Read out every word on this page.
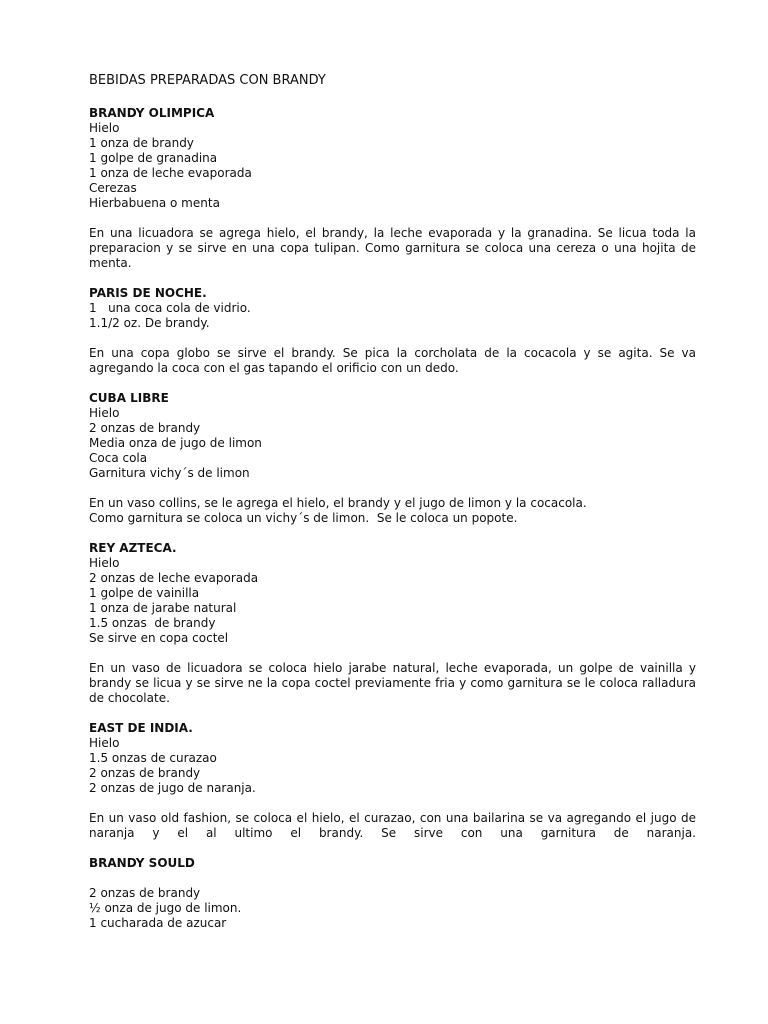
BEBIDAS PREPARADAS CON BRANDY
BRANDY OLIMPICA
Hielo
1 onza de brandy
1 golpe de granadina
1 onza de leche evaporada
Cerezas
Hierbabuena o menta
En una licuadora se agrega hielo, el brandy, la leche evaporada y la granadina. Se licua toda la preparacion y se sirve en una copa tulipan. Como garnitura se coloca una cereza o una hojita de menta.
PARIS DE NOCHE.
1   una coca cola de vidrio.
1.1/2 oz. De brandy.
En una copa globo se sirve el brandy. Se pica la corcholata de la cocacola y se agita. Se va agregando la coca con el gas tapando el orificio con un dedo.
CUBA LIBRE
Hielo
2 onzas de brandy
Media onza de jugo de limon
Coca cola
Garnitura vichy´s de limon
En un vaso collins, se le agrega el hielo, el brandy y el jugo de limon y la cocacola.
Como garnitura se coloca un vichy´s de limon.  Se le coloca un popote.
REY AZTECA.
Hielo
2 onzas de leche evaporada
1 golpe de vainilla
1 onza de jarabe natural
1.5 onzas  de brandy
Se sirve en copa coctel
En un vaso de licuadora se coloca hielo jarabe natural, leche evaporada, un golpe de vainilla y brandy se licua y se sirve ne la copa coctel previamente fria y como garnitura se le coloca ralladura de chocolate.
EAST DE INDIA.
Hielo
1.5 onzas de curazao
2 onzas de brandy
2 onzas de jugo de naranja.
En un vaso old fashion, se coloca el hielo, el curazao, con una bailarina se va agregando el jugo de naranja y el al ultimo el brandy. Se sirve con una garnitura de naranja.
BRANDY SOULD
2 onzas de brandy
½ onza de jugo de limon.
1 cucharada de azucar
